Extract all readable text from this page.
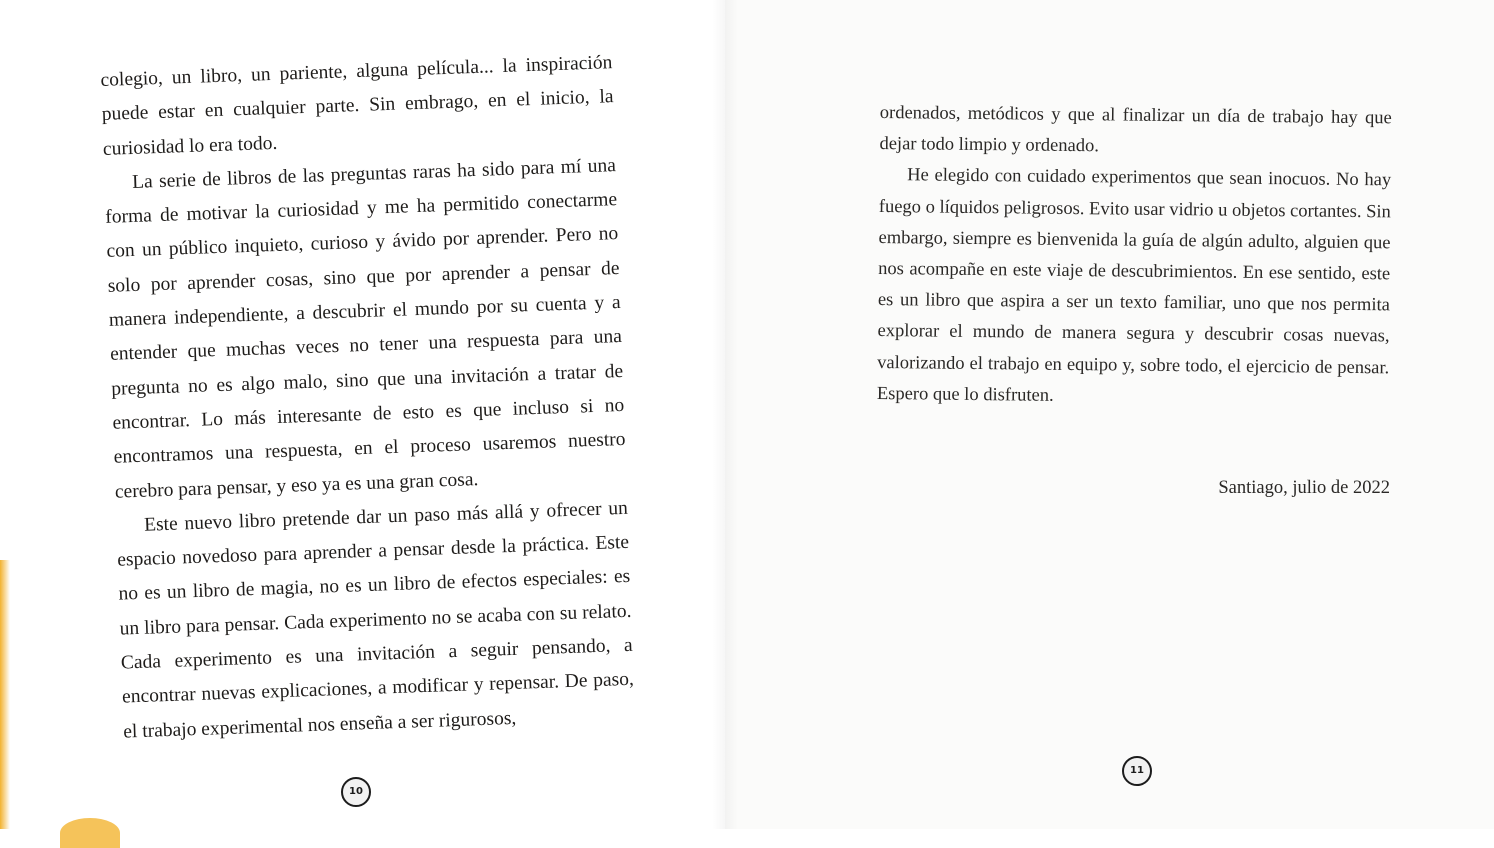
colegio, un libro, un pariente, alguna película... la inspiración puede estar en cualquier parte. Sin embrago, en el inicio, la curiosidad lo era todo.

La serie de libros de las preguntas raras ha sido para mí una forma de motivar la curiosidad y me ha permitido conectarme con un público inquieto, curioso y ávido por aprender. Pero no solo por aprender cosas, sino que por aprender a pensar de manera independiente, a descubrir el mundo por su cuenta y a entender que muchas veces no tener una respuesta para una pregunta no es algo malo, sino que una invitación a tratar de encontrar. Lo más interesante de esto es que incluso si no encontramos una respuesta, en el proceso usaremos nuestro cerebro para pensar, y eso ya es una gran cosa.

Este nuevo libro pretende dar un paso más allá y ofrecer un espacio novedoso para aprender a pensar desde la práctica. Este no es un libro de magia, no es un libro de efectos especiales: es un libro para pensar. Cada experimento no se acaba con su relato. Cada experimento es una invitación a seguir pensando, a encontrar nuevas explicaciones, a modificar y repensar. De paso, el trabajo experimental nos enseña a ser rigurosos,

ordenados, metódicos y que al finalizar un día de trabajo hay que dejar todo limpio y ordenado.

He elegido con cuidado experimentos que sean inocuos. No hay fuego o líquidos peligrosos. Evito usar vidrio u objetos cortantes. Sin embargo, siempre es bienvenida la guía de algún adulto, alguien que nos acompañe en este viaje de descubrimientos. En ese sentido, este es un libro que aspira a ser un texto familiar, uno que nos permita explorar el mundo de manera segura y descubrir cosas nuevas, valorizando el trabajo en equipo y, sobre todo, el ejercicio de pensar. Espero que lo disfruten.

Santiago, julio de 2022
10
11
